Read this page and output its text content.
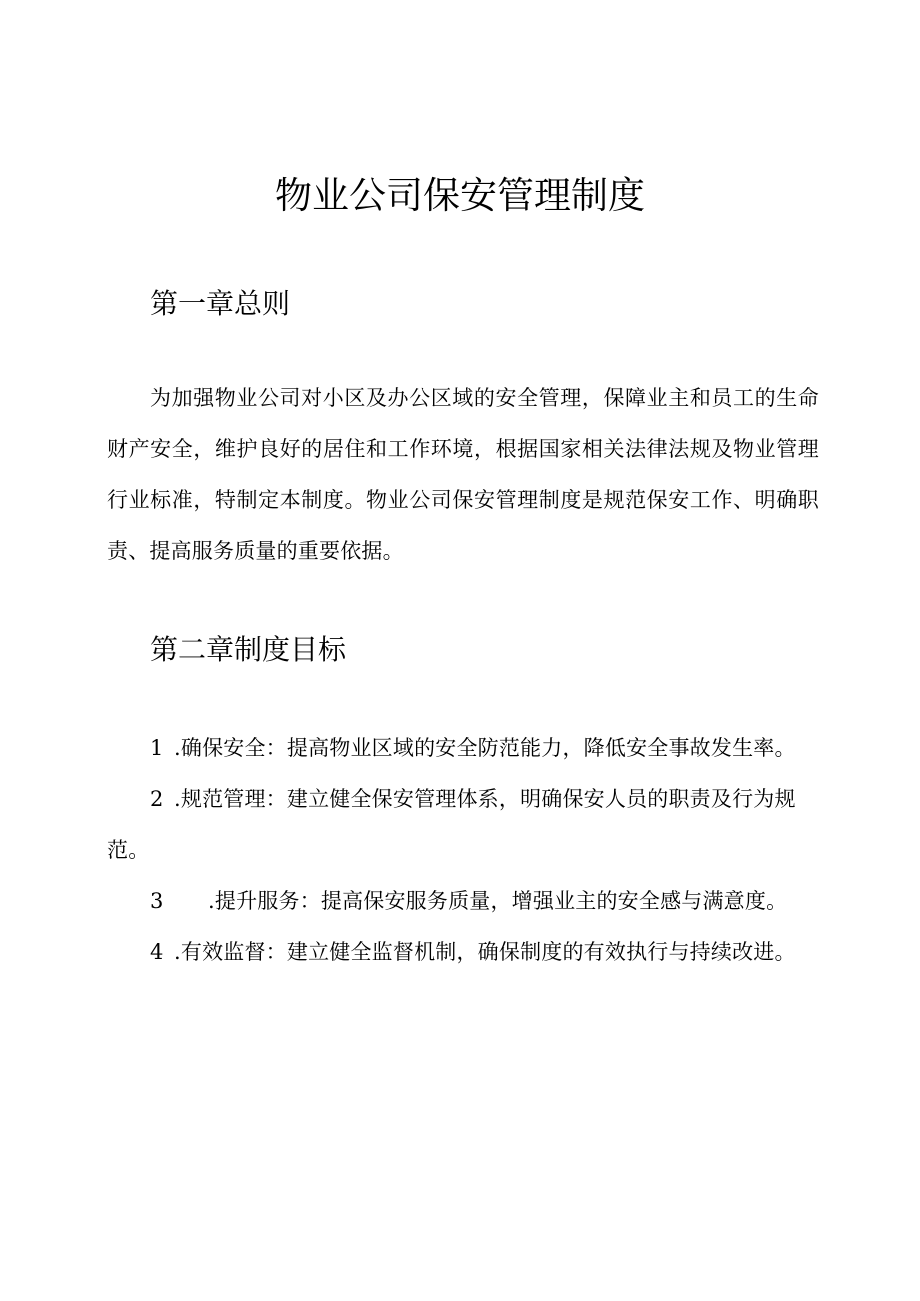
物业公司保安管理制度
第一章总则

为加强物业公司对小区及办公区域的安全管理，保障业主和员工的生命财产安全，维护良好的居住和工作环境，根据国家相关法律法规及物业管理行业标准，特制定本制度。物业公司保安管理制度是规范保安工作、明确职责、提高服务质量的重要依据。

第二章制度目标
1 .确保安全：提高物业区域的安全防范能力，降低安全事故发生率。
2 .规范管理：建立健全保安管理体系，明确保安人员的职责及行为规范。
3 .提升服务：提高保安服务质量，增强业主的安全感与满意度。
4 .有效监督：建立健全监督机制，确保制度的有效执行与持续改进。
